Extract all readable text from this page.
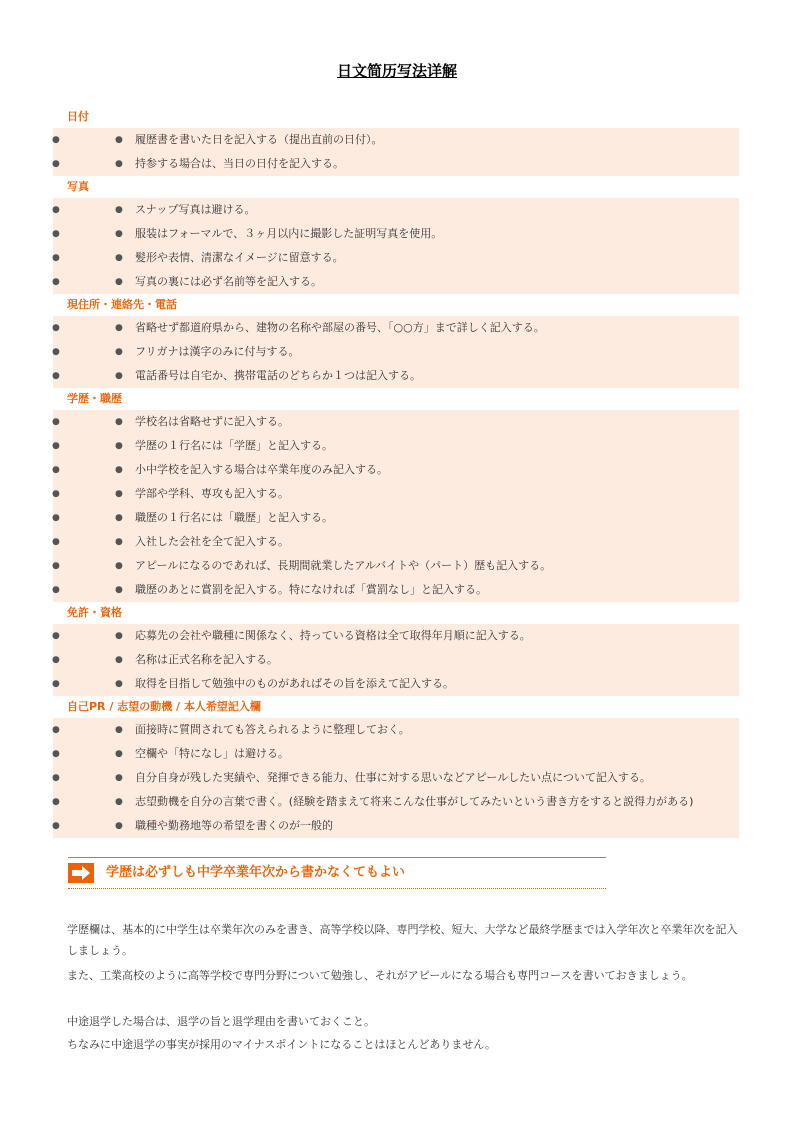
日文简历写法详解
日付
●	● 履歴書を書いた日を記入する（提出直前の日付）。
●	● 持参する場合は、当日の日付を記入する。
写真
●	● スナップ写真は避ける。
●	● 服装はフォーマルで、３ヶ月以内に撮影した証明写真を使用。
●	● 髪形や表情、清潔なイメージに留意する。
●	● 写真の裏には必ず名前等を記入する。
現住所・連絡先・電話
●	● 省略せず都道府県から、建物の名称や部屋の番号、「○○方」まで詳しく記入する。
●	● フリガナは漢字のみに付与する。
●	● 電話番号は自宅か、携帯電話のどちらか１つは記入する。
学歴・職歴
●	● 学校名は省略せずに記入する。
●	● 学歴の１行名には「学歴」と記入する。
●	● 小中学校を記入する場合は卒業年度のみ記入する。
●	● 学部や学科、専攻も記入する。
●	● 職歴の１行名には「職歴」と記入する。
●	● 入社した会社を全て記入する。
●	● アピールになるのであれば、長期間就業したアルバイトや（パート）歴も記入する。
●	● 職歴のあとに賞罰を記入する。特になければ「賞罰なし」と記入する。
免許・資格
●	● 応募先の会社や職種に関係なく、持っている資格は全て取得年月順に記入する。
●	● 名称は正式名称を記入する。
●	● 取得を目指して勉強中のものがあればその旨を添えて記入する。
自己PR / 志望の動機 / 本人希望記入欄
●	● 面接時に質問されても答えられるように整理しておく。
●	● 空欄や「特になし」は避ける。
●	● 自分自身が残した実績や、発揮できる能力、仕事に対する思いなどアピールしたい点について記入する。
●	● 志望動機を自分の言葉で書く。(経験を踏まえて将来こんな仕事がしてみたいという書き方をすると説得力がある)
●	● 職種や勤務地等の希望を書くのが一般的
学歴は必ずしも中学卒業年次から書かなくてもよい
学歴欄は、基本的に中学生は卒業年次のみを書き、高等学校以降、専門学校、短大、大学など最終学歴までは入学年次と卒業年次を記入しましょう。
また、工業高校のように高等学校で専門分野について勉強し、それがアピールになる場合も専門コースを書いておきましょう。
中途退学した場合は、退学の旨と退学理由を書いておくこと。
ちなみに中途退学の事実が採用のマイナスポイントになることはほとんどありません。
